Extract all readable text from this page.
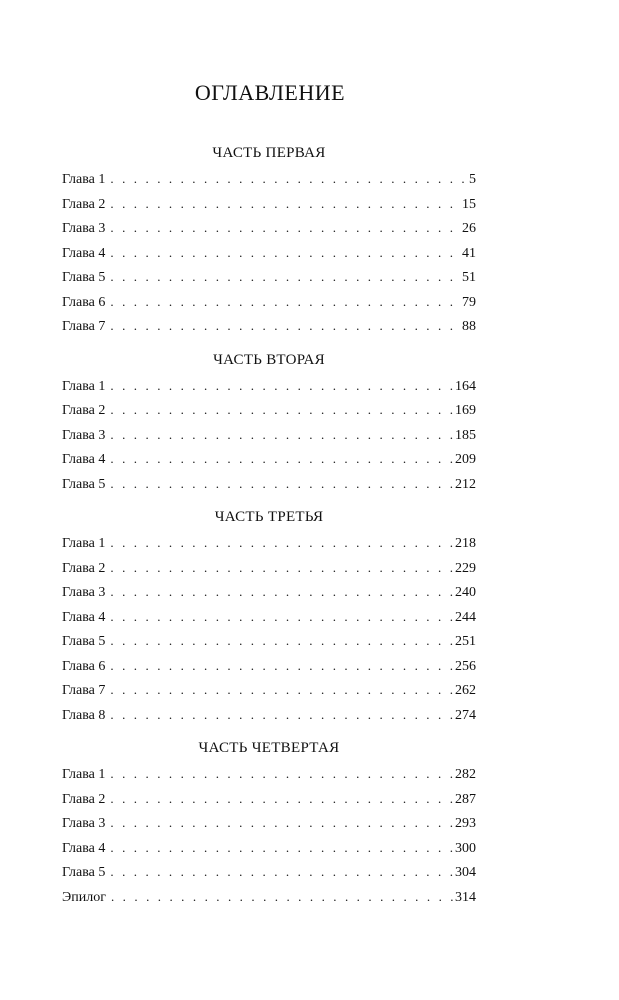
ОГЛАВЛЕНИЕ
ЧАСТЬ ПЕРВАЯ
Глава 1 . . .	5
Глава 2 . . .	15
Глава 3 . . .	26
Глава 4 . . .	41
Глава 5 . . .	51
Глава 6 . . .	79
Глава 7 . . .	88
ЧАСТЬ ВТОРАЯ
Глава 1 . . .	164
Глава 2 . . .	169
Глава 3 . . .	185
Глава 4 . . .	209
Глава 5 . . .	212
ЧАСТЬ ТРЕТЬЯ
Глава 1 . . .	218
Глава 2 . . .	229
Глава 3 . . .	240
Глава 4 . . .	244
Глава 5 . . .	251
Глава 6 . . .	256
Глава 7 . . .	262
Глава 8 . . .	274
ЧАСТЬ ЧЕТВЕРТАЯ
Глава 1 . . .	282
Глава 2 . . .	287
Глава 3 . . .	293
Глава 4 . . .	300
Глава 5 . . .	304
Эпилог . . .	314
